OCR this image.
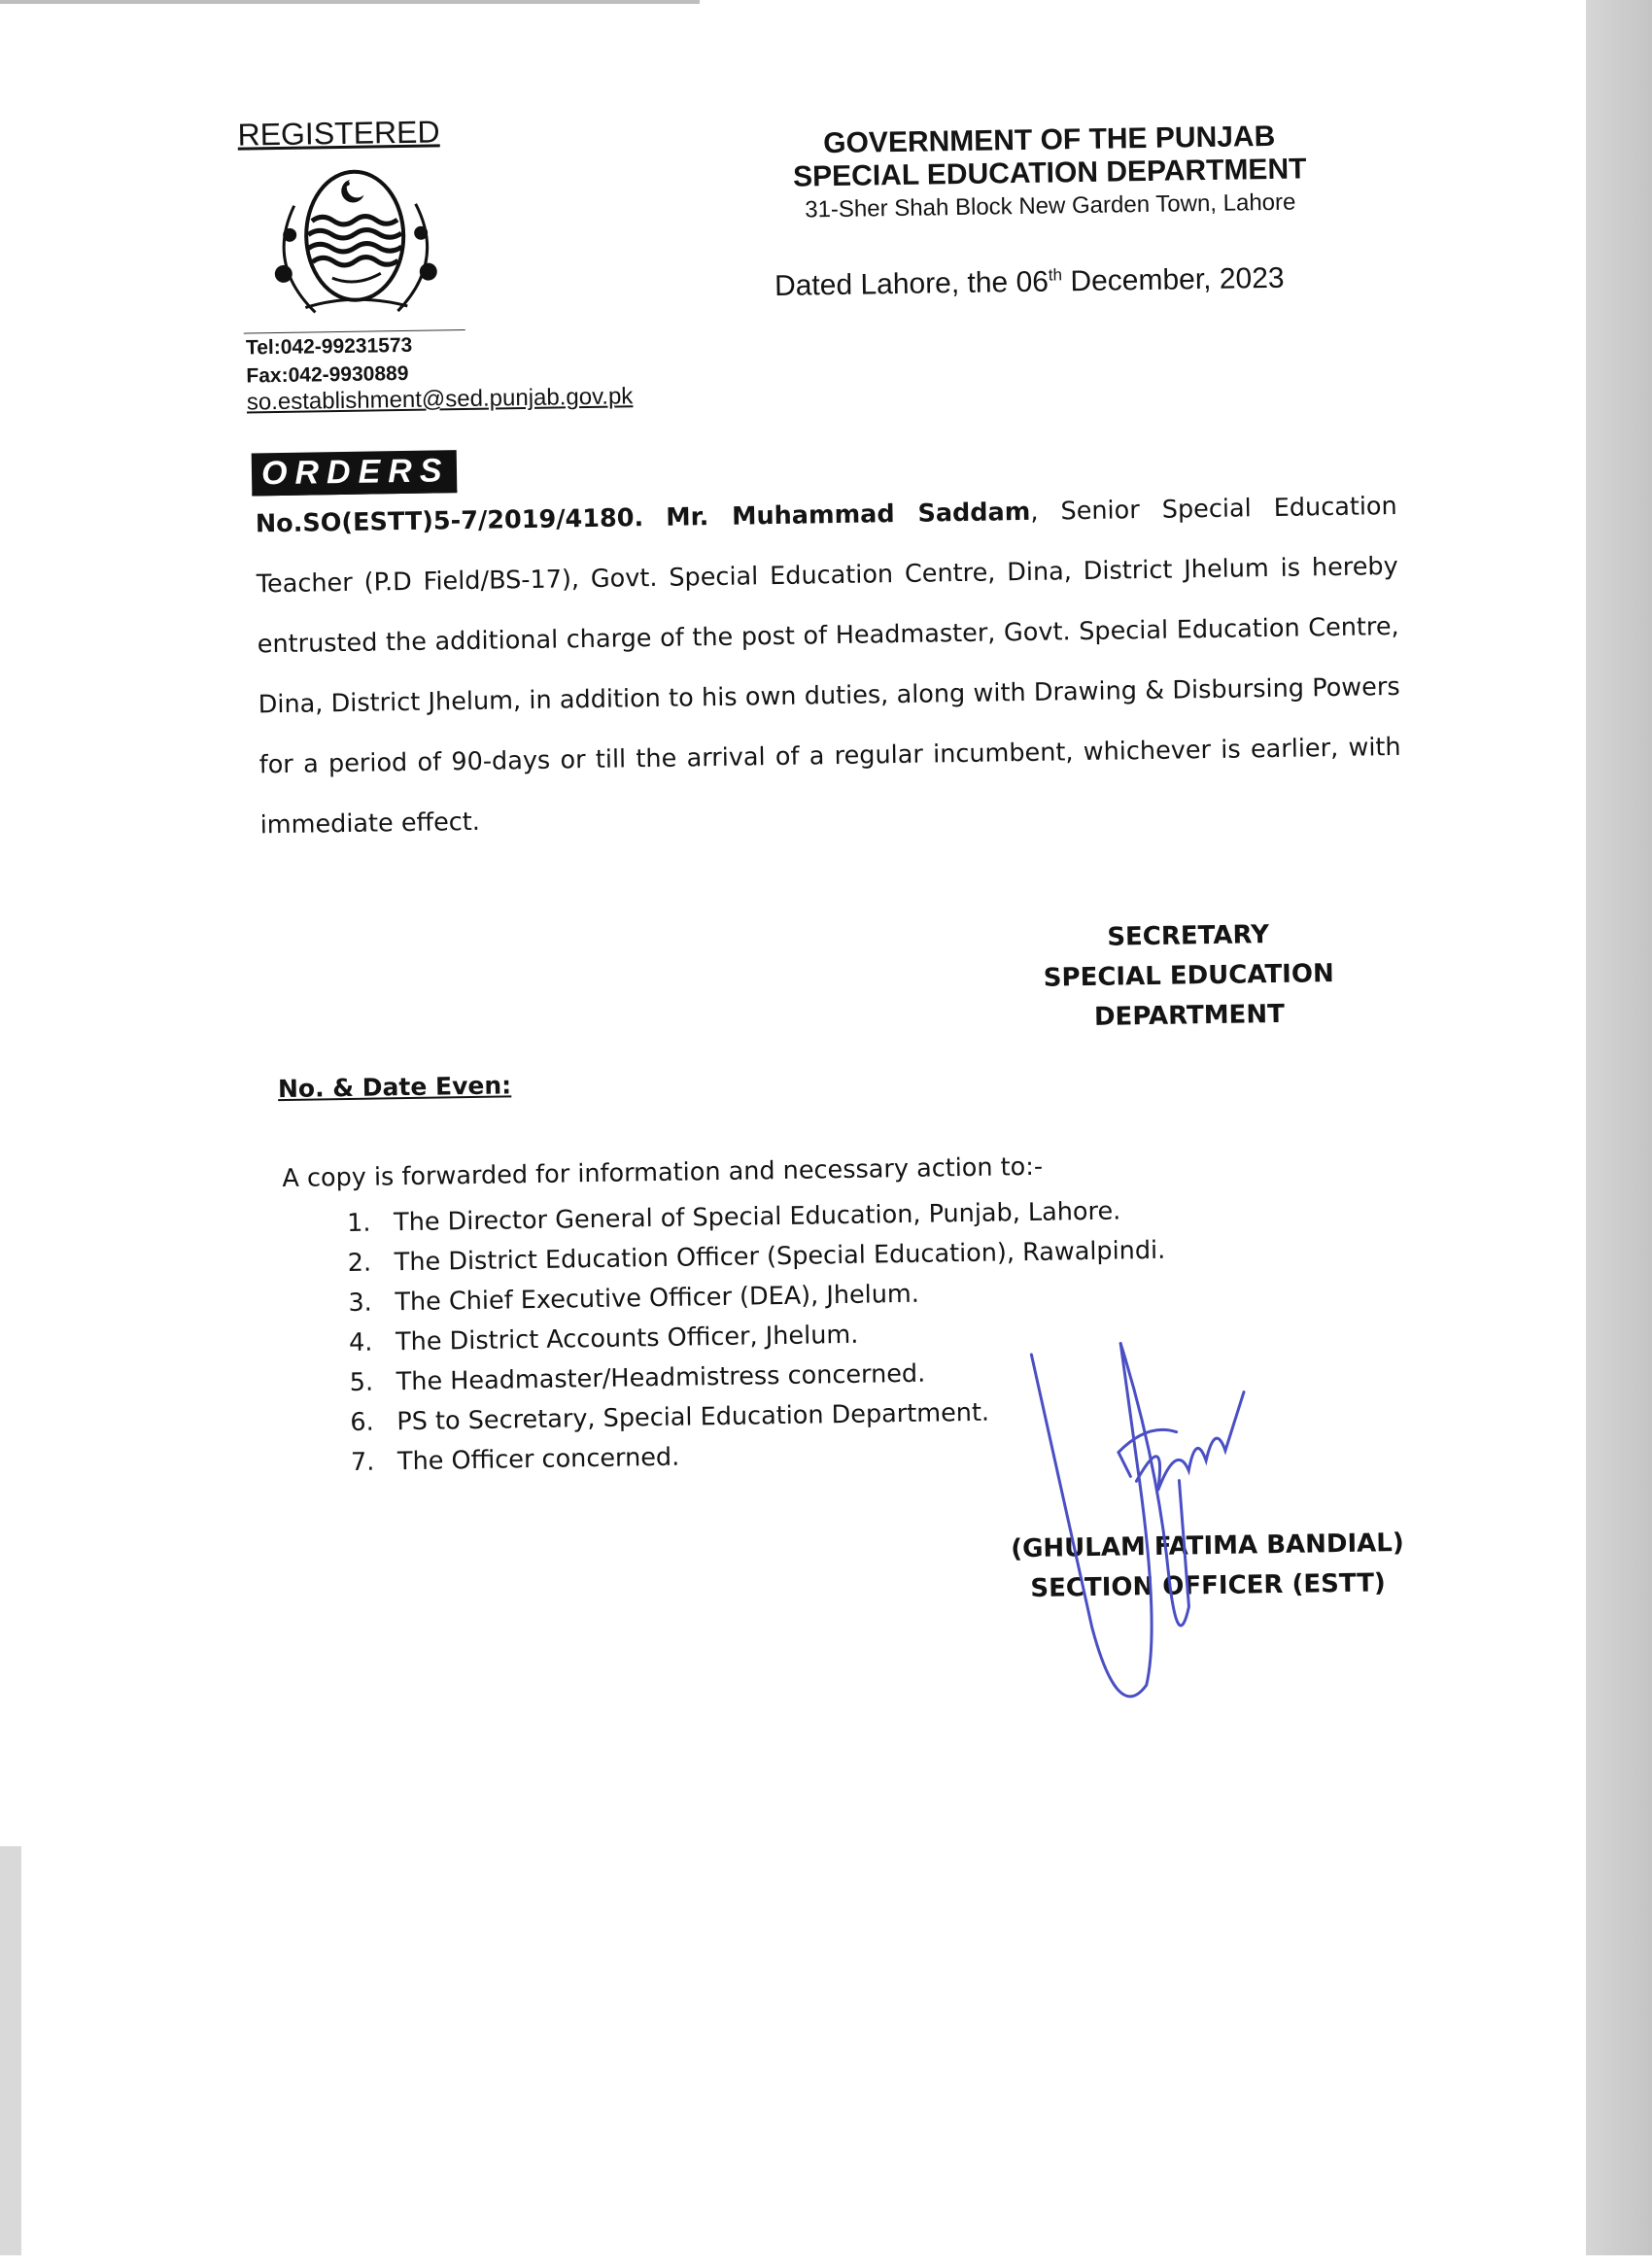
REGISTERED
Tel:042-99231573
Fax:042-9930889
so.establishment@sed.punjab.gov.pk
GOVERNMENT OF THE PUNJAB
SPECIAL EDUCATION DEPARTMENT
31-Sher Shah Block New Garden Town, Lahore
Dated Lahore, the 06th December, 2023
ORDERS
No.SO(ESTT)5-7/2019/4180. Mr. Muhammad Saddam, Senior Special Education Teacher (P.D Field/BS-17), Govt. Special Education Centre, Dina, District Jhelum is hereby entrusted the additional charge of the post of Headmaster, Govt. Special Education Centre, Dina, District Jhelum, in addition to his own duties, along with Drawing & Disbursing Powers for a period of 90-days or till the arrival of a regular incumbent, whichever is earlier, with immediate effect.
SECRETARY
SPECIAL EDUCATION
DEPARTMENT
No. & Date Even:
A copy is forwarded for information and necessary action to:-
1. The Director General of Special Education, Punjab, Lahore.
2. The District Education Officer (Special Education), Rawalpindi.
3. The Chief Executive Officer (DEA), Jhelum.
4. The District Accounts Officer, Jhelum.
5. The Headmaster/Headmistress concerned.
6. PS to Secretary, Special Education Department.
7. The Officer concerned.
(GHULAM FATIMA BANDIAL)
SECTION OFFICER (ESTT)
